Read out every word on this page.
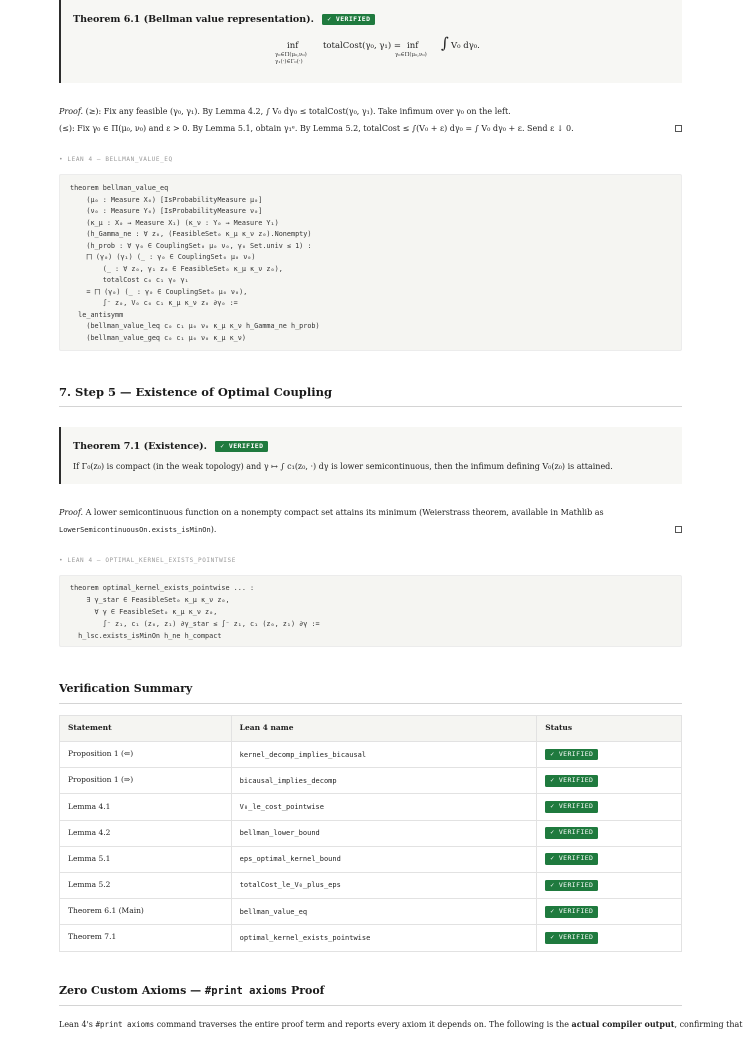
Theorem 6.1 (Bellman value representation). ✓ VERIFIED
inf
γ₀∈Π(μ₀,ν₀)
γ₁(·)∈Γ₀(·)
totalCost(γ₀, γ₁) = inf
γ₀∈Π(μ₀,ν₀)
∫ V₀ dγ₀.
Proof. (≥): Fix any feasible (γ₀, γ₁). By Lemma 4.2, ∫ V₀ dγ₀ ≤ totalCost(γ₀, γ₁). Take infimum over γ₀ on the left.
(≤): Fix γ₀ ∈ Π(μ₀, ν₀) and ε > 0. By Lemma 5.1, obtain γ₁ᵉ. By Lemma 5.2, totalCost ≤ ∫(V₀ + ε) dγ₀ = ∫ V₀ dγ₀ + ε. Send ε ↓ 0.
• LEAN 4 — BELLMAN_VALUE_EQ
theorem bellman_value_eq
(μ₀ : Measure X₀) [IsProbabilityMeasure μ₀]
(ν₀ : Measure Y₀) [IsProbabilityMeasure ν₀]
(κ_μ : X₀ → Measure X₁) (κ_ν : Y₀ → Measure Y₁)
(h_Gamma_ne : ∀ z₀, (FeasibleSet₀ κ_μ κ_ν z₀).Nonempty)
(h_prob : ∀ γ₀ ∈ CouplingSet₀ μ₀ ν₀, γ₀ Set.univ ≤ 1) :
⨅ (γ₀) (γ₁) (_ : γ₀ ∈ CouplingSet₀ μ₀ ν₀)
(_ : ∀ z₀, γ₁ z₀ ∈ FeasibleSet₀ κ_μ κ_ν z₀),
totalCost c₀ c₁ γ₀ γ₁
= ⨅ (γ₀) (_ : γ₀ ∈ CouplingSet₀ μ₀ ν₀),
∫⁻ z₀, V₀ c₀ c₁ κ_μ κ_ν z₀ ∂γ₀ :=
le_antisymm
(bellman_value_leq c₀ c₁ μ₀ ν₀ κ_μ κ_ν h_Gamma_ne h_prob)
(bellman_value_geq c₀ c₁ μ₀ ν₀ κ_μ κ_ν)
7. Step 5 — Existence of Optimal Coupling
Theorem 7.1 (Existence). ✓ VERIFIED
If Γ₀(z₀) is compact (in the weak topology) and γ ↦ ∫ c₁(z₀, ·) dγ is lower semicontinuous, then the infimum defining V₀(z₀) is attained.
Proof. A lower semicontinuous function on a nonempty compact set attains its minimum (Weierstrass theorem, available in Mathlib as
LowerSemicontinuousOn.exists_isMinOn).
• LEAN 4 — OPTIMAL_KERNEL_EXISTS_POINTWISE
theorem optimal_kernel_exists_pointwise ... :
∃ γ_star ∈ FeasibleSet₀ κ_μ κ_ν z₀,
∀ γ ∈ FeasibleSet₀ κ_μ κ_ν z₀,
∫⁻ z₁, c₁ (z₀, z₁) ∂γ_star ≤ ∫⁻ z₁, c₁ (z₀, z₁) ∂γ :=
h_lsc.exists_isMinOn h_ne h_compact
Verification Summary
Statement	Lean 4 name	Status
Proposition 1 (⇐)	kernel_decomp_implies_bicausal	✓ VERIFIED
Proposition 1 (⇒)	bicausal_implies_decomp	✓ VERIFIED
Lemma 4.1	V₀_le_cost_pointwise	✓ VERIFIED
Lemma 4.2	bellman_lower_bound	✓ VERIFIED
Lemma 5.1	eps_optimal_kernel_bound	✓ VERIFIED
Lemma 5.2	totalCost_le_V₀_plus_eps	✓ VERIFIED
Theorem 6.1 (Main)	bellman_value_eq	✓ VERIFIED
Theorem 7.1	optimal_kernel_exists_pointwise	✓ VERIFIED
Zero Custom Axioms — #print axioms Proof
Lean 4's #print axioms command traverses the entire proof term and reports every axiom it depends on. The following is the actual compiler output, confirming that
